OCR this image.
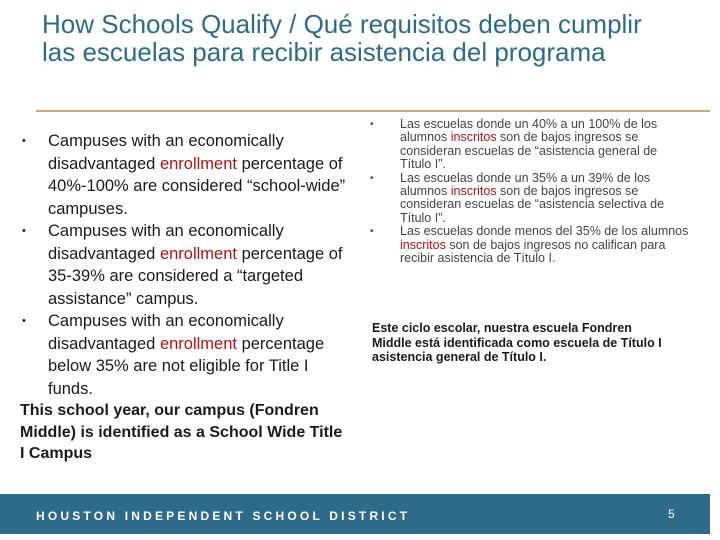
How Schools Qualify / Qué requisitos deben cumplir las escuelas para recibir asistencia del programa
• Campuses with an economically disadvantaged enrollment percentage of 40%-100% are considered “school-wide” campuses.
• Campuses with an economically disadvantaged enrollment percentage of 35-39% are considered a “targeted assistance” campus.
• Campuses with an economically disadvantaged enrollment percentage below 35% are not eligible for Title I funds.
This school year, our campus (Fondren Middle) is identified as a School Wide Title I Campus
• Las escuelas donde un 40% a un 100% de los alumnos inscritos son de bajos ingresos se consideran escuelas de “asistencia general de Título I”.
• Las escuelas donde un 35% a un 39% de los alumnos inscritos son de bajos ingresos se consideran escuelas de “asistencia selectiva de Título I”.
• Las escuelas donde menos del 35% de los alumnos inscritos son de bajos ingresos no califican para recibir asistencia de Título I.
Este ciclo escolar, nuestra escuela Fondren Middle está identificada como escuela de Título I asistencia general de Título I.
HOUSTON INDEPENDENT SCHOOL DISTRICT	5
